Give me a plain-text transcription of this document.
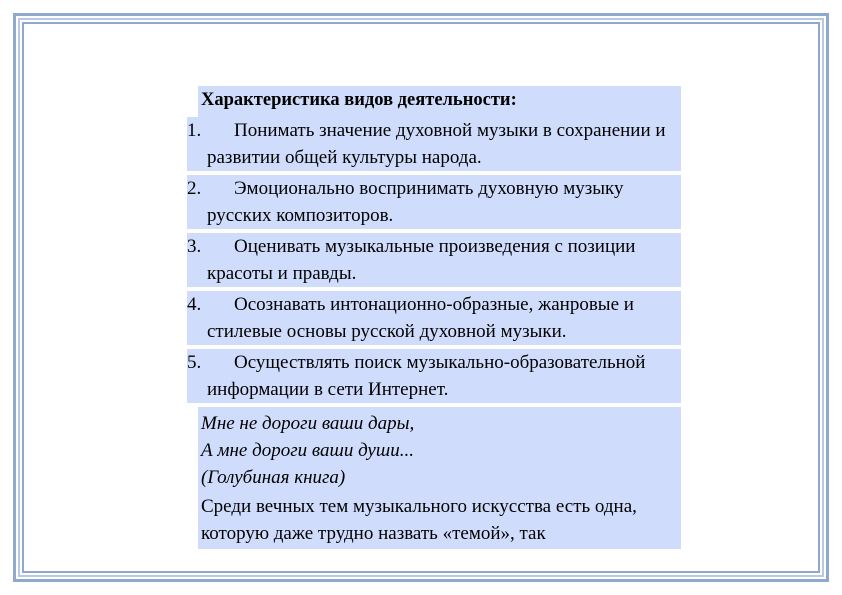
Характеристика видов деятельности:
1. Понимать значение духовной музыки в сохранении и развитии общей культуры народа.
2. Эмоционально воспринимать духовную музыку русских композиторов.
3. Оценивать музыкальные произведения с позиции красоты и правды.
4. Осознавать интонационно-образные, жанровые и стилевые основы русской духовной музыки.
5. Осуществлять поиск музыкально-образовательной информации в сети Интернет.
Мне не дороги ваши дары,
А мне дороги ваши души...
(Голубиная книга)
Среди вечных тем музыкального искусства есть одна, которую даже трудно назвать «темой», так
